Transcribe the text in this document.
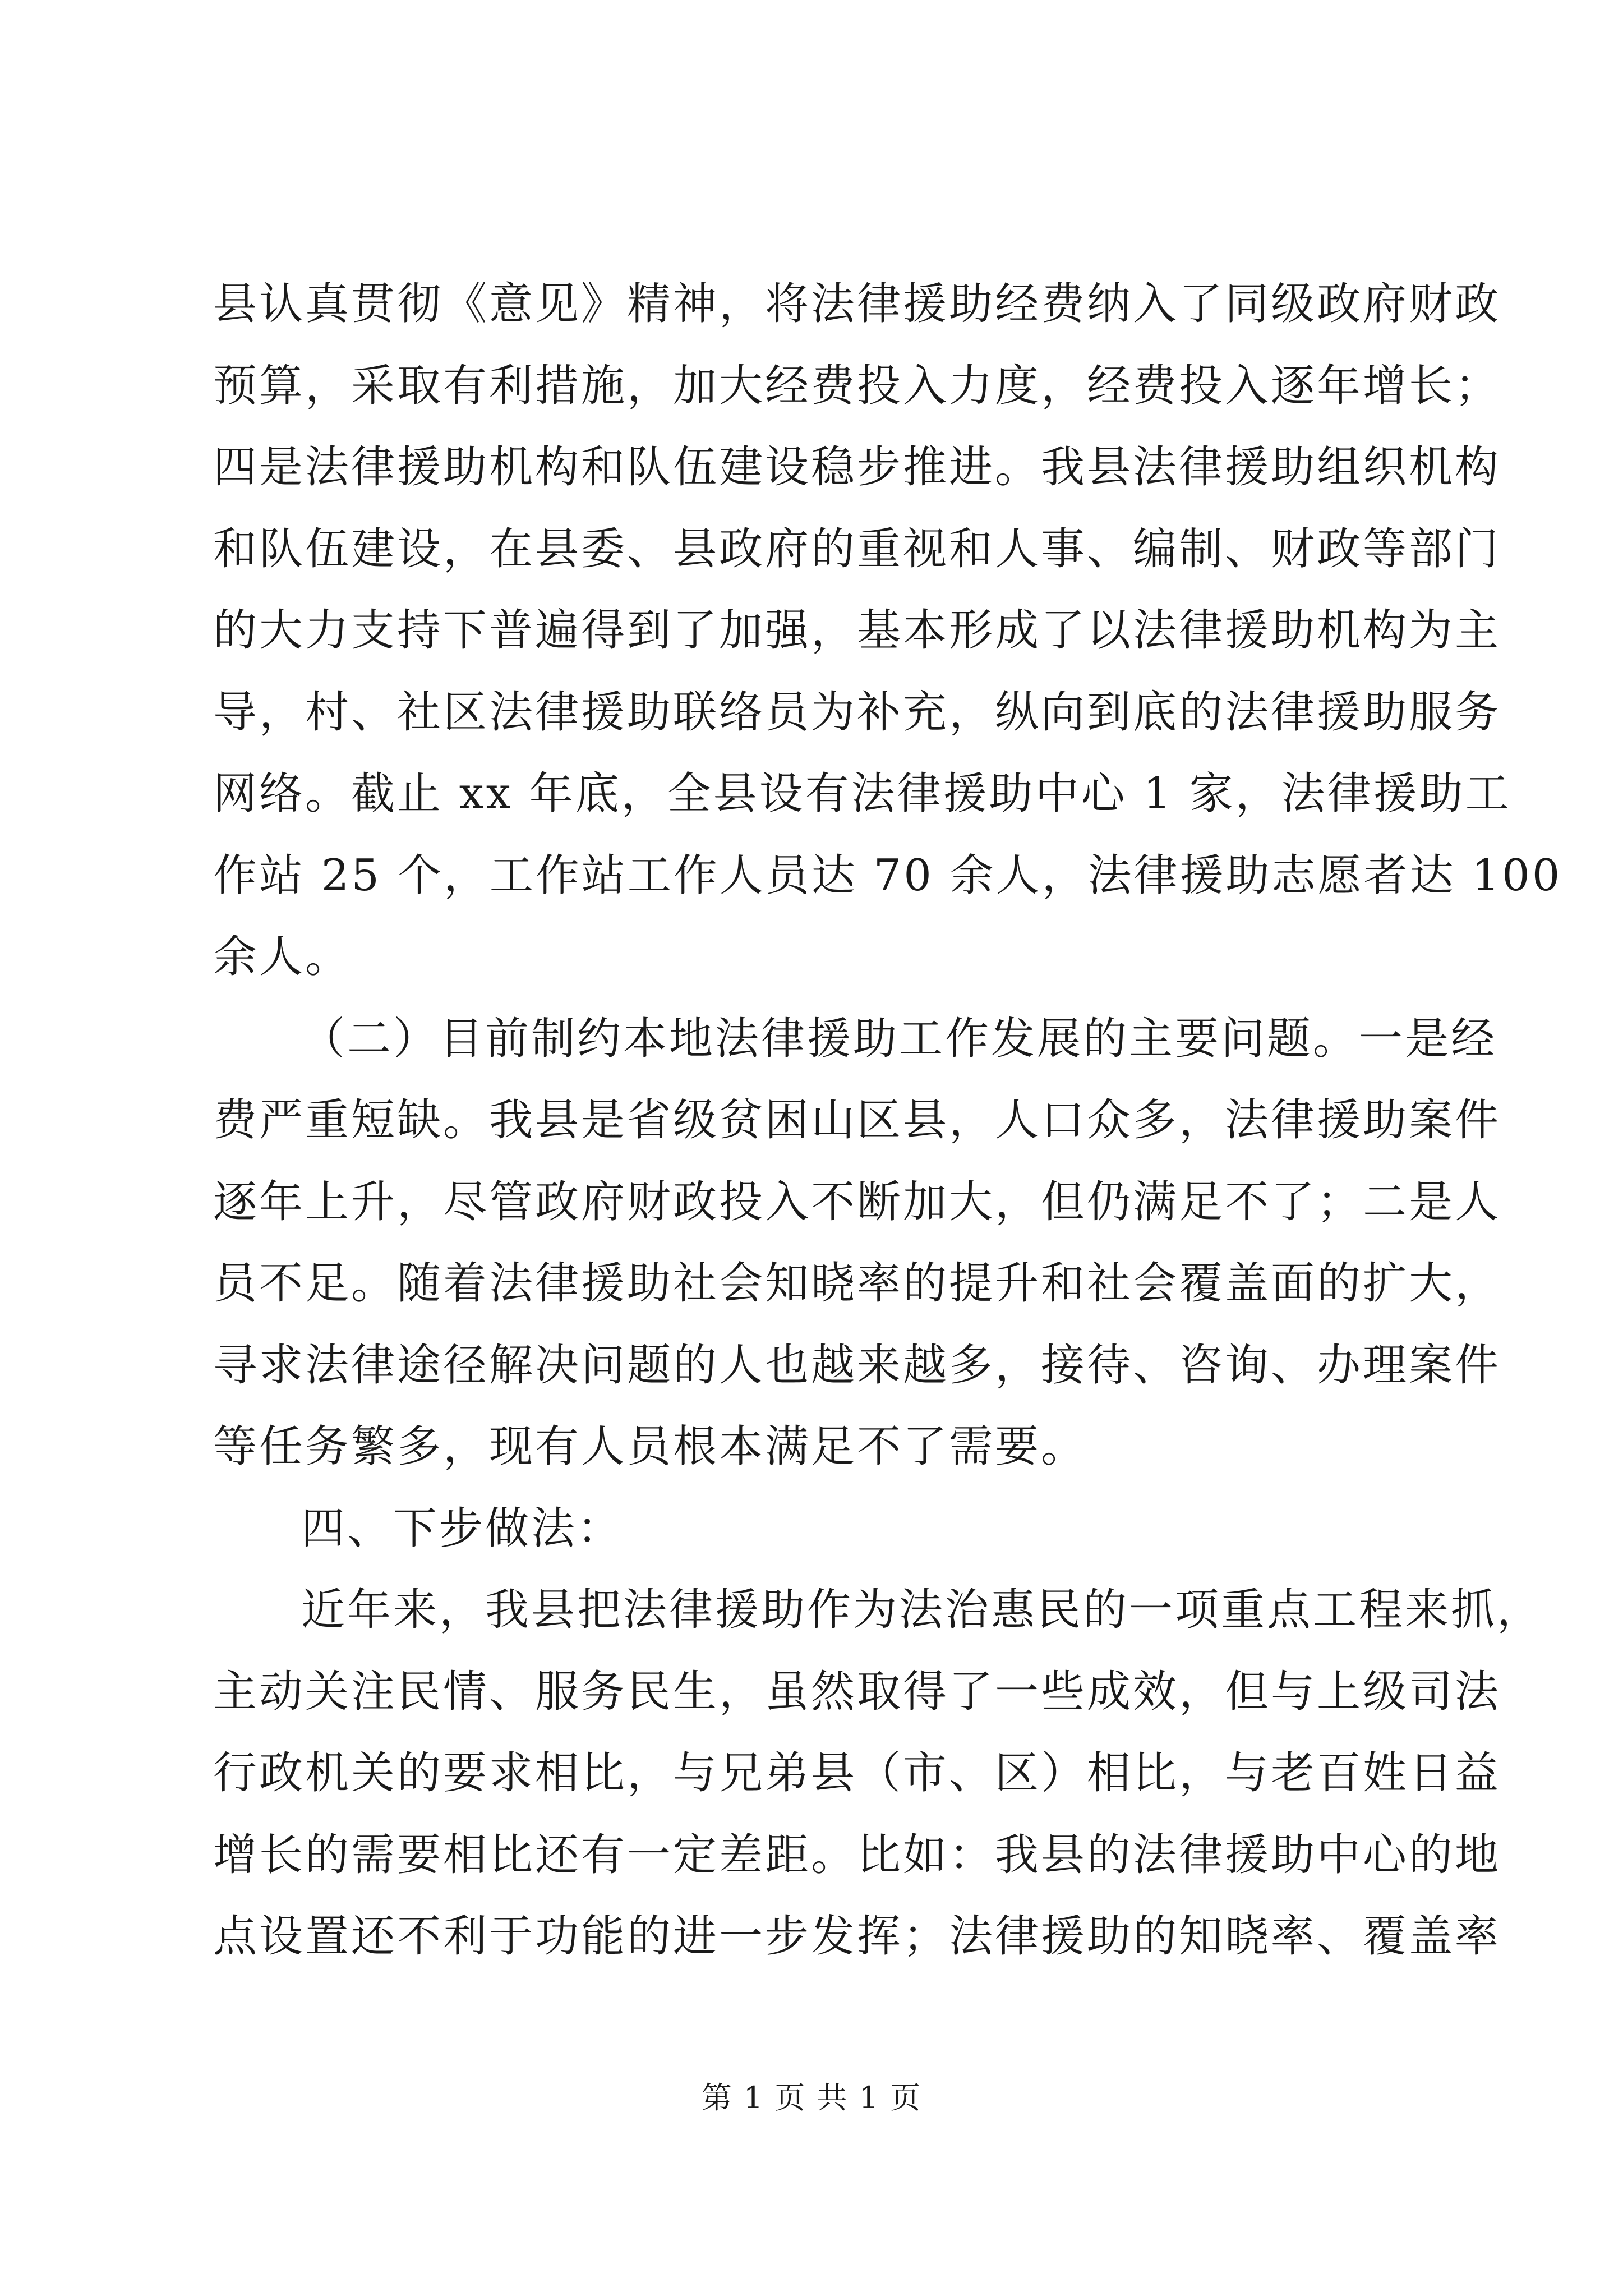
县认真贯彻《意见》精神，将法律援助经费纳入了同级政府财政
预算，采取有利措施，加大经费投入力度，经费投入逐年增长；
四是法律援助机构和队伍建设稳步推进。我县法律援助组织机构
和队伍建设，在县委、县政府的重视和人事、编制、财政等部门
的大力支持下普遍得到了加强，基本形成了以法律援助机构为主
导，村、社区法律援助联络员为补充，纵向到底的法律援助服务
网络。截止 xx 年底，全县设有法律援助中心 1 家，法律援助工
作站 25 个，工作站工作人员达 70 余人，法律援助志愿者达 100
余人。
（二）目前制约本地法律援助工作发展的主要问题。一是经
费严重短缺。我县是省级贫困山区县，人口众多，法律援助案件
逐年上升，尽管政府财政投入不断加大，但仍满足不了；二是人
员不足。随着法律援助社会知晓率的提升和社会覆盖面的扩大，
寻求法律途径解决问题的人也越来越多，接待、咨询、办理案件
等任务繁多，现有人员根本满足不了需要。
四、下步做法：
近年来，我县把法律援助作为法治惠民的一项重点工程来抓，
主动关注民情、服务民生，虽然取得了一些成效，但与上级司法
行政机关的要求相比，与兄弟县（市、区）相比，与老百姓日益
增长的需要相比还有一定差距。比如：我县的法律援助中心的地
点设置还不利于功能的进一步发挥；法律援助的知晓率、覆盖率
第 1 页 共 1 页
